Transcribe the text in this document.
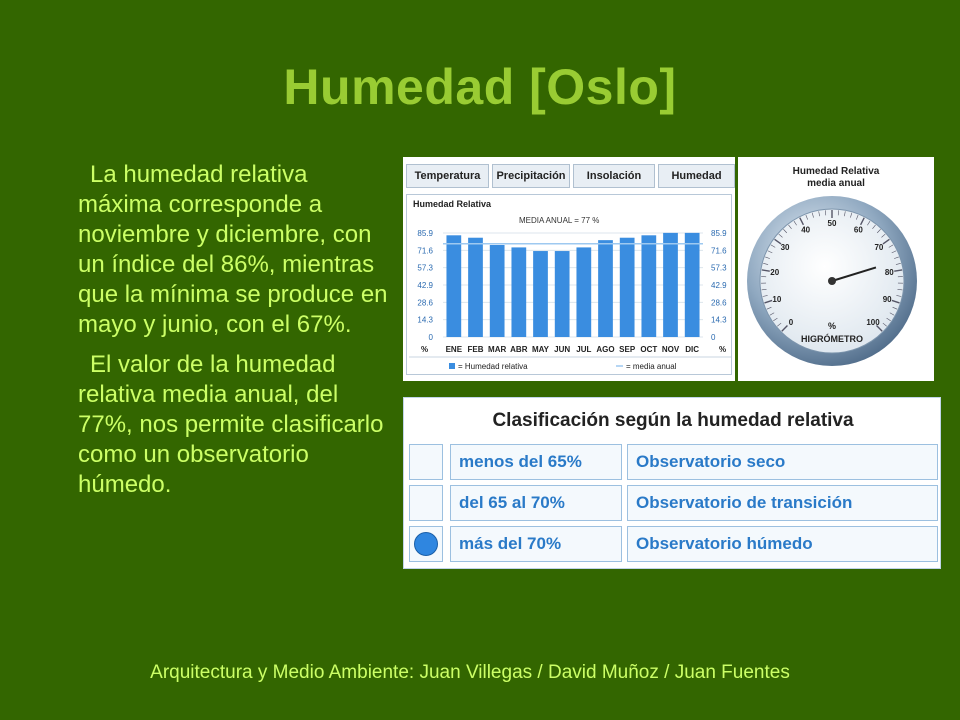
Humedad [Oslo]

La humedad relativa máxima corresponde a noviembre y diciembre, con un índice del 86%, mientras que la mínima se produce en mayo y junio, con el 67%.

El valor de la humedad relativa media anual, del 77%, nos permite clasificarlo como un observatorio húmedo.

Temperatura	Precipitación	Insolación	Humedad
Humedad Relativa
MEDIA ANUAL = 77 %
0	0
14.3	14.3
28.6	28.6
42.9	42.9
57.3	57.3
71.6	71.6
85.9	85.9
ENE FEB MAR ABR MAY JUN JUL AGO SEP OCT NOV DIC
%	%
= Humedad relativa	= media anual
Humedad Relativa
media anual
0
10
20
30
40
50
60
70
80
90
100
%
HIGRÓMETRO
Clasificación según la humedad relativa
menos del 65%	Observatorio seco
del 65 al 70%	Observatorio de transición
más del 70%	Observatorio húmedo
Arquitectura y Medio Ambiente: Juan Villegas / David Muñoz / Juan Fuentes
